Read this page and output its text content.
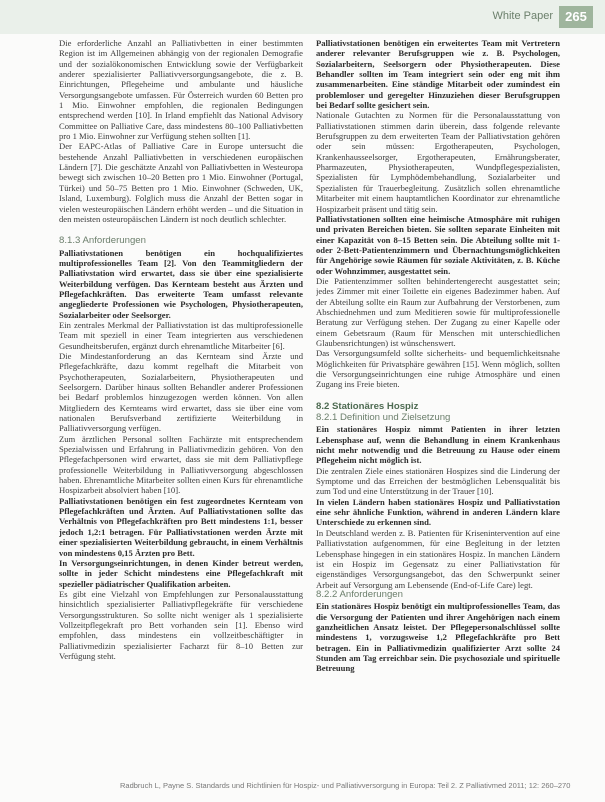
White Paper 265

Die erforderliche Anzahl an Palliativbetten in einer bestimmten Region ist im Allgemeinen abhängig von der regionalen Demografie und der sozialökonomischen Entwicklung sowie der Verfügbarkeit anderer spezialisierter Palliativversorgungsangebote, die z. B. Einrichtungen, Pflegeheime und ambulante und häusliche Versorgungsangebote umfassen. Für Österreich wurden 60 Betten pro 1 Mio. Einwohner empfohlen, die regionalen Bedingungen entsprechend werden [10]. In Irland empfiehlt das National Advisory Committee on Palliative Care, dass mindestens 80–100 Palliativbetten pro 1 Mio. Einwohner zur Verfügung stehen sollten [1].

Der EAPC-Atlas of Palliative Care in Europe untersucht die bestehende Anzahl Palliativbetten in verschiedenen europäischen Ländern [7]. Die geschätzte Anzahl von Palliativbetten in Westeuropa bewegt sich zwischen 10–20 Betten pro 1 Mio. Einwohner (Portugal, Türkei) und 50–75 Betten pro 1 Mio. Einwohner (Schweden, UK, Island, Luxemburg). Folglich muss die Anzahl der Betten sogar in vielen westeuropäischen Ländern erhöht werden – und die Situation in den meisten osteuropäischen Ländern ist noch deutlich schlechter.

8.1.3 Anforderungen

Palliativstationen benötigen ein hochqualifiziertes multiprofessionelles Team [2]. Von den Teammitgliedern der Palliativstation wird erwartet, dass sie über eine spezialisierte Weiterbildung verfügen. Das Kernteam besteht aus Ärzten und Pflegefachkräften. Das erweiterte Team umfasst relevante angegliederte Professionen wie Psychologen, Physiotherapeuten, Sozialarbeiter oder Seelsorger.

Ein zentrales Merkmal der Palliativstation ist das multiprofessionelle Team mit speziell in einer Team integrierten aus verschiedenen Gesundheitsberufen, ergänzt durch ehrenamtliche Mitarbeiter [6].

Die Mindestanforderung an das Kernteam sind Ärzte und Pflegefachkräfte, dazu kommt regelhaft die Mitarbeit von Psychotherapeuten, Sozialarbeitern, Physiotherapeuten und Seelsorgern. Darüber hinaus sollten Behandler anderer Professionen bei Bedarf problemlos hinzugezogen werden können. Von allen Mitgliedern des Kernteams wird erwartet, dass sie über eine vom nationalen Berufsverband zertifizierte Weiterbildung in Palliativversorgung verfügen.

Zum ärztlichen Personal sollten Fachärzte mit entsprechendem Spezialwissen und Erfahrung in Palliativmedizin gehören. Von den Pflegefachpersonen wird erwartet, dass sie mit dem Palliativpflege professionelle Weiterbildung in Palliativversorgung abgeschlossen haben. Ehrenamtliche Mitarbeiter sollten einen Kurs für ehrenamtliche Hospizarbeit absolviert haben [10].

Palliativstationen benötigen ein fest zugeordnetes Kernteam von Pflegefachkräften und Ärzten. Auf Palliativstationen sollte das Verhältnis von Pflegefachkräften pro Bett mindestens 1:1, besser jedoch 1,2:1 betragen. Für Palliativstationen werden Ärzte mit einer spezialisierten Weiterbildung gebraucht, in einem Verhältnis von mindestens 0,15 Ärzten pro Bett.

In Versorgungseinrichtungen, in denen Kinder betreut werden, sollte in jeder Schicht mindestens eine Pflegefachkraft mit spezieller pädiatrischer Qualifikation arbeiten.

Es gibt eine Vielzahl von Empfehlungen zur Personalausstattung hinsichtlich spezialisierter Palliativpflegekräfte für verschiedene Versorgungsstrukturen. So sollte nicht weniger als 1 spezialisierte Vollzeitpflegekraft pro Bett vorhanden sein [1]. Ebenso wird empfohlen, dass mindestens ein vollzeitbeschäftigter in Palliativmedizin spezialisierter Facharzt für 8–10 Betten zur Verfügung steht.

Palliativstationen benötigen ein erweitertes Team mit Vertretern anderer relevanter Berufsgruppen wie z. B. Psychologen, Sozialarbeitern, Seelsorgern oder Physiotherapeuten. Diese Behandler sollten im Team integriert sein oder eng mit ihm zusammenarbeiten. Eine ständige Mitarbeit oder zumindest ein problemloser und geregelter Hinzuziehen dieser Berufsgruppen bei Bedarf sollte gesichert sein.

Nationale Gutachten zu Normen für die Personalausstattung von Palliativstationen stimmen darin überein, dass folgende relevante Berufsgruppen zu dem erweiterten Team der Palliativstation gehören oder sein müssen: Ergotherapeuten, Psychologen, Krankenhausseelsorger, Ergotherapeuten, Ernährungsberater, Pharmazeuten, Physiotherapeuten, Wundpflegespezialisten, Spezialisten für Lymphödembehandlung, Sozialarbeiter und Spezialisten für Trauerbegleitung. Zusätzlich sollen ehrenamtliche Mitarbeiter mit einem hauptamtlichen Koordinator zur ehrenamtliche Hospizarbeit präsent und tätig sein.

Palliativstationen sollten eine heimische Atmosphäre mit ruhigen und privaten Bereichen bieten. Sie sollten separate Einheiten mit einer Kapazität von 8–15 Betten sein. Die Abteilung sollte mit 1- oder 2-Bett-Patientenzimmern und Übernachtungsmöglichkeiten für Angehörige sowie Räumen für soziale Aktivitäten, z. B. Küche oder Wohnzimmer, ausgestattet sein.

Die Patientenzimmer sollten behindertengerecht ausgestattet sein; jedes Zimmer mit einer Toilette ein eigenes Badezimmer haben. Auf der Abteilung sollte ein Raum zur Aufbahrung der Verstorbenen, zum Abschiednehmen und zum Meditieren sowie für multiprofessionelle Beratung zur Verfügung stehen. Der Zugang zu einer Kapelle oder einem Gebetsraum (Raum für Menschen mit unterschiedlichen Glaubensrichtungen) ist wünschenswert.

Das Versorgungsumfeld sollte sicherheits- und bequemlichkeitsnahe Möglichkeiten für Privatsphäre gewähren [15]. Wenn möglich, sollten die Versorgungseinrichtungen eine ruhige Atmosphäre und einen Zugang ins Freie bieten.

8.2 Stationäres Hospiz
8.2.1 Definition und Zielsetzung

Ein stationäres Hospiz nimmt Patienten in ihrer letzten Lebensphase auf, wenn die Behandlung in einem Krankenhaus nicht mehr notwendig und die Betreuung zu Hause oder einem Pflegeheim nicht möglich ist.

Die zentralen Ziele eines stationären Hospizes sind die Linderung der Symptome und das Erreichen der bestmöglichen Lebensqualität bis zum Tod und eine Unterstützung in der Trauer [10].

In vielen Ländern haben stationäres Hospiz und Palliativstation eine sehr ähnliche Funktion, während in anderen Ländern klare Unterschiede zu erkennen sind.

In Deutschland werden z. B. Patienten für Krisenintervention auf eine Palliativstation aufgenommen, für eine Begleitung in der letzten Lebensphase hingegen in ein stationäres Hospiz. In manchen Ländern ist ein Hospiz im Gegensatz zu einer Palliativstation für eigenständiges Versorgungsangebot, das den Schwerpunkt seiner Arbeit auf Versorgung am Lebensende (End-of-Life Care) legt.

8.2.2 Anforderungen

Ein stationäres Hospiz benötigt ein multiprofessionelles Team, das die Versorgung der Patienten und ihrer Angehörigen nach einem ganzheitlichen Ansatz leistet. Der Pflegepersonalschlüssel sollte mindestens 1, vorzugsweise 1,2 Pflegefachkräfte pro Bett betragen. Ein in Palliativmedizin qualifizierter Arzt sollte 24 Stunden am Tag erreichbar sein. Die psychosoziale und spirituelle Betreuung

Radbruch L, Payne S. Standards und Richtlinien für Hospiz- und Palliativversorgung in Europa: Teil 2. Z Palliativmed 2011; 12: 260–270
